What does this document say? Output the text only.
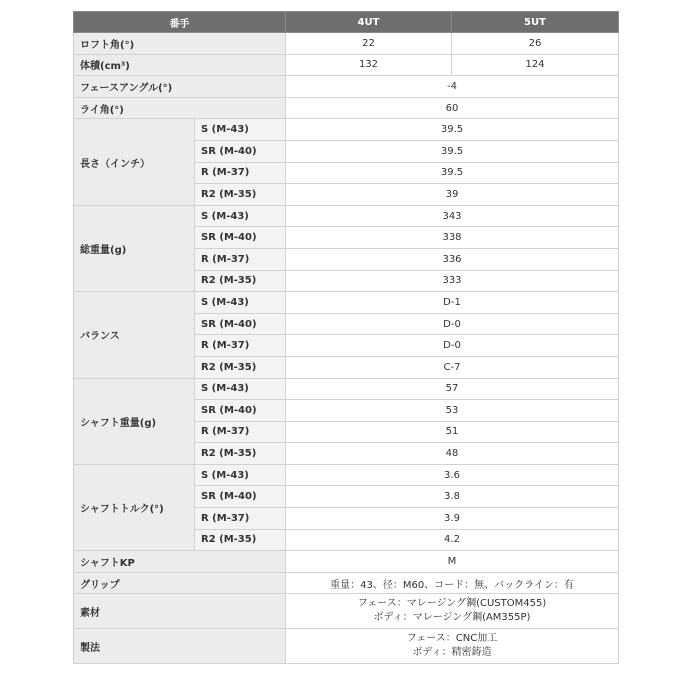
番手		4UT	5UT
ロフト角(°)		22	26
体積(cm³)		132	124
フェースアングル(°)		-4	
ライ角(°)		60	
長さ（インチ）	S (M-43)	39.5	
	SR (M-40)	39.5	
	R (M-37)	39.5	
	R2 (M-35)	39	
総重量(g)	S (M-43)	343	
	SR (M-40)	338	
	R (M-37)	336	
	R2 (M-35)	333	
バランス	S (M-43)	D-1	
	SR (M-40)	D-0	
	R (M-37)	D-0	
	R2 (M-35)	C-7	
シャフト重量(g)	S (M-43)	57	
	SR (M-40)	53	
	R (M-37)	51	
	R2 (M-35)	48	
シャフトトルク(°)	S (M-43)	3.6	
	SR (M-40)	3.8	
	R (M-37)	3.9	
	R2 (M-35)	4.2	
シャフトKP		M	
グリップ		重量：43、径：M60、コード：無、バックライン：有	
素材		フェース：マレージング鋼(CUSTOM455)
ボディ：マレージング鋼(AM355P)	

製法		フェース：CNC加工
ボディ：精密鋳造	
